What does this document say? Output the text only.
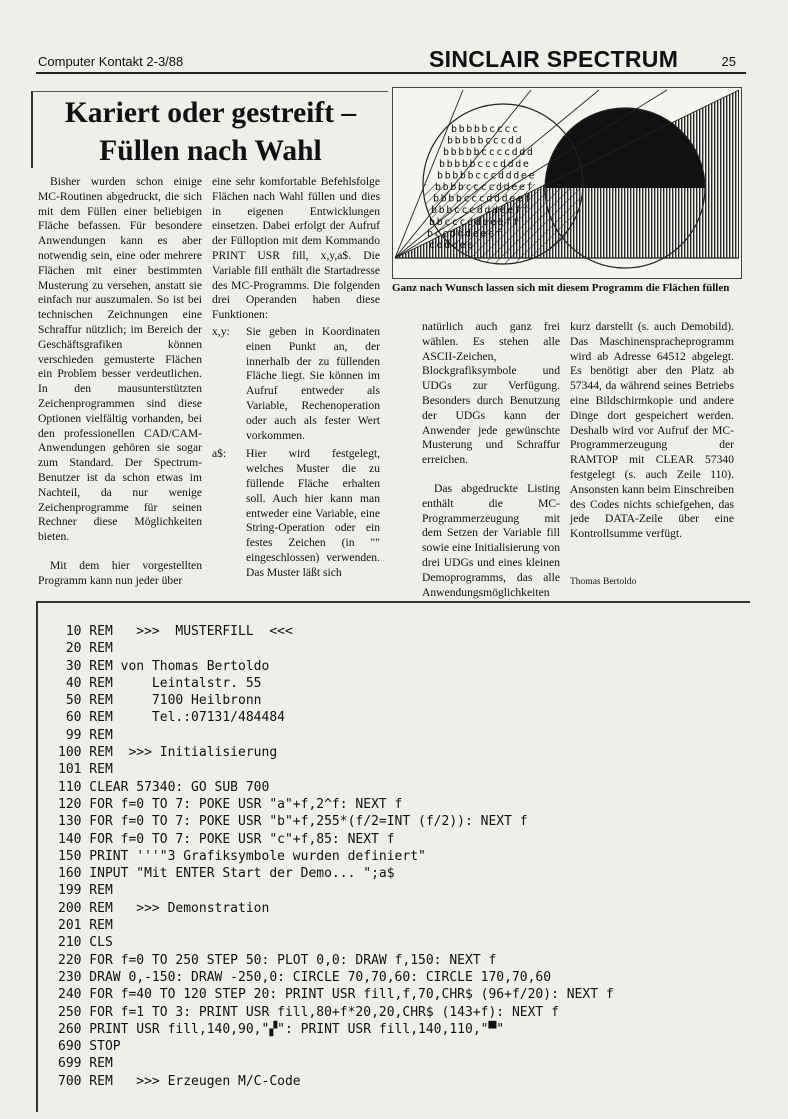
Computer Kontakt 2-3/88	SINCLAIR SPECTRUM	25
Kariert oder gestreift –
Füllen nach Wahl

Bisher wurden schon einige MC-Routinen abgedruckt, die sich mit dem Füllen einer beliebigen Fläche befassen. Für besondere Anwendungen kann es aber notwendig sein, eine oder mehrere Flächen mit einer bestimmten Musterung zu versehen, anstatt sie einfach nur auszumalen. So ist bei technischen Zeichnungen eine Schraffur nützlich; im Bereich der Geschäftsgrafiken können verschieden gemusterte Flächen ein Problem besser verdeutlichen. In den mausunterstützten Zeichenprogrammen sind diese Optionen vielfältig vorhanden, bei den professionellen CAD/CAM-Anwendungen gehören sie sogar zum Standard. Der Spectrum-Benutzer ist da schon etwas im Nachteil, da nur wenige Zeichenprogramme für seinen Rechner diese Möglichkeiten bieten.

Mit dem hier vorgestellten Programm kann nun jeder über

eine sehr komfortable Befehlsfolge Flächen nach Wahl füllen und dies in eigenen Entwicklungen einsetzen. Dabei erfolgt der Aufruf der Fülloption mit dem Kommando PRINT USR fill, x,y,a$. Die Variable fill enthält die Startadresse des MC-Programms. Die folgenden drei Operanden haben diese Funktionen:

x,y:	Sie geben in Koordinaten einen Punkt an, der innerhalb der zu füllenden Fläche liegt. Sie können im Aufruf entweder als Variable, Rechenoperation oder auch als fester Wert vorkommen.
a$:	Hier wird festgelegt, welches Muster die zu füllende Fläche erhalten soll. Auch hier kann man entweder eine Variable, eine String-Operation oder ein festes Zeichen (in "" eingeschlossen) verwenden. Das Muster läßt sich
bbbbbcccc
bbbbbcccdd
bbbbbccccddd
bbbbbcccddde
bbbbbcccdddee
bbbbccccddeef
bbbbcccdddeef
bbbcccdddeeff
bbcccddeeeff
bccdddeeef
cdddee
Ganz nach Wunsch lassen sich mit diesem Programm die Flächen füllen

natürlich auch ganz frei wählen. Es stehen alle ASCII-Zeichen, Blockgrafiksymbole und UDGs zur Verfügung. Besonders durch Benutzung der UDGs kann der Anwender jede gewünschte Musterung und Schraffur erreichen.

Das abgedruckte Listing enthält die MC-Programmerzeugung mit dem Setzen der Variable fill sowie eine Initialisierung von drei UDGs und eines kleinen Demoprogramms, das alle Anwendungsmöglichkeiten

kurz darstellt (s. auch Demobild). Das Maschinenspracheprogramm wird ab Adresse 64512 abgelegt. Es benötigt aber den Platz ab 57344, da während seines Betriebs eine Bildschirmkopie und andere Dinge dort gespeichert werden. Deshalb wird vor Aufruf der MC-Programmerzeugung der RAMTOP mit CLEAR 57340 festgelegt (s. auch Zeile 110). Ansonsten kann beim Einschreiben des Codes nichts schiefgehen, das jede DATA-Zeile über eine Kontrollsumme verfügt.

Thomas Bertoldo
10 REM   >>>  MUSTERFILL  <<<
20 REM
30 REM von Thomas Bertoldo
40 REM     Leintalstr. 55
50 REM     7100 Heilbronn
60 REM     Tel.:07131/484484
99 REM
100 REM  >>> Initialisierung
101 REM
110 CLEAR 57340: GO SUB 700
120 FOR f=0 TO 7: POKE USR "a"+f,2^f: NEXT f
130 FOR f=0 TO 7: POKE USR "b"+f,255*(f/2=INT (f/2)): NEXT f
140 FOR f=0 TO 7: POKE USR "c"+f,85: NEXT f
150 PRINT '''"3 Grafiksymbole wurden definiert"
160 INPUT "Mit ENTER Start der Demo... ";a$
199 REM
200 REM   >>> Demonstration
201 REM
210 CLS
220 FOR f=0 TO 250 STEP 50: PLOT 0,0: DRAW f,150: NEXT f
230 DRAW 0,-150: DRAW -250,0: CIRCLE 70,70,60: CIRCLE 170,70,60
240 FOR f=40 TO 120 STEP 20: PRINT USR fill,f,70,CHR$ (96+f/20): NEXT f
250 FOR f=1 TO 3: PRINT USR fill,80+f*20,20,CHR$ (143+f): NEXT f
260 PRINT USR fill,140,90,"▞": PRINT USR fill,140,110,"▀"
690 STOP
699 REM
700 REM   >>> Erzeugen M/C-Code
